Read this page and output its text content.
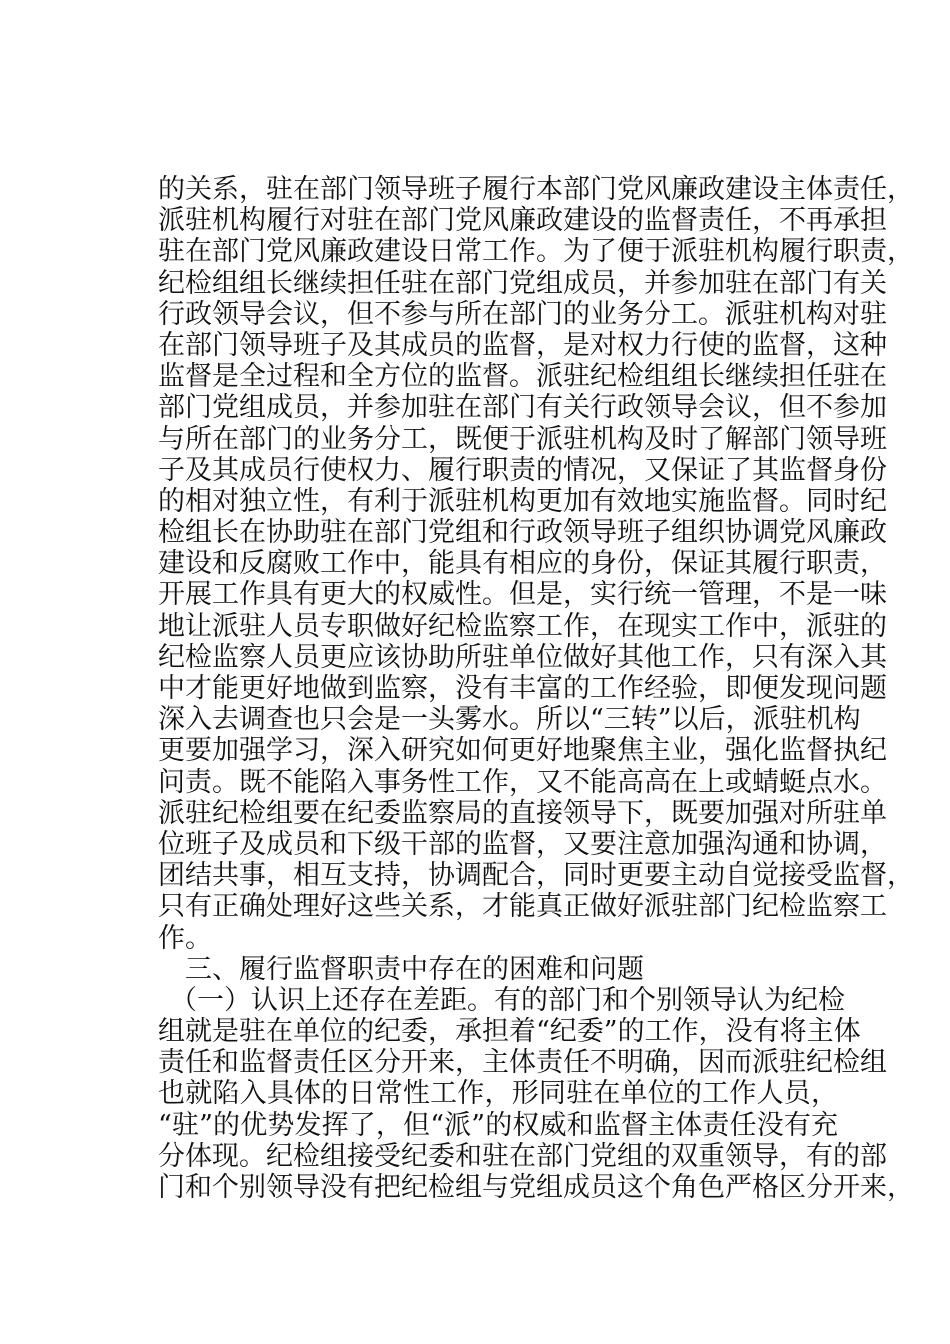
的关系，驻在部门领导班子履行本部门党风廉政建设主体责任，
派驻机构履行对驻在部门党风廉政建设的监督责任，不再承担
驻在部门党风廉政建设日常工作。为了便于派驻机构履行职责，
纪检组组长继续担任驻在部门党组成员，并参加驻在部门有关
行政领导会议，但不参与所在部门的业务分工。派驻机构对驻
在部门领导班子及其成员的监督，是对权力行使的监督，这种
监督是全过程和全方位的监督。派驻纪检组组长继续担任驻在
部门党组成员，并参加驻在部门有关行政领导会议，但不参加
与所在部门的业务分工，既便于派驻机构及时了解部门领导班
子及其成员行使权力、履行职责的情况，又保证了其监督身份
的相对独立性，有利于派驻机构更加有效地实施监督。同时纪
检组长在协助驻在部门党组和行政领导班子组织协调党风廉政
建设和反腐败工作中，能具有相应的身份，保证其履行职责，
开展工作具有更大的权威性。但是，实行统一管理，不是一味
地让派驻人员专职做好纪检监察工作，在现实工作中，派驻的
纪检监察人员更应该协助所驻单位做好其他工作，只有深入其
中才能更好地做到监察，没有丰富的工作经验，即便发现问题
深入去调查也只会是一头雾水。所以“三转”以后，派驻机构
更要加强学习，深入研究如何更好地聚焦主业，强化监督执纪
问责。既不能陷入事务性工作，又不能高高在上或蜻蜓点水。
派驻纪检组要在纪委监察局的直接领导下，既要加强对所驻单
位班子及成员和下级干部的监督，又要注意加强沟通和协调，
团结共事，相互支持，协调配合，同时更要主动自觉接受监督，
只有正确处理好这些关系，才能真正做好派驻部门纪检监察工
作。
三、履行监督职责中存在的困难和问题
（一）认识上还存在差距。有的部门和个别领导认为纪检
组就是驻在单位的纪委，承担着“纪委”的工作，没有将主体
责任和监督责任区分开来，主体责任不明确，因而派驻纪检组
也就陷入具体的日常性工作，形同驻在单位的工作人员，
“驻”的优势发挥了，但“派”的权威和监督主体责任没有充
分体现。纪检组接受纪委和驻在部门党组的双重领导，有的部
门和个别领导没有把纪检组与党组成员这个角色严格区分开来，
